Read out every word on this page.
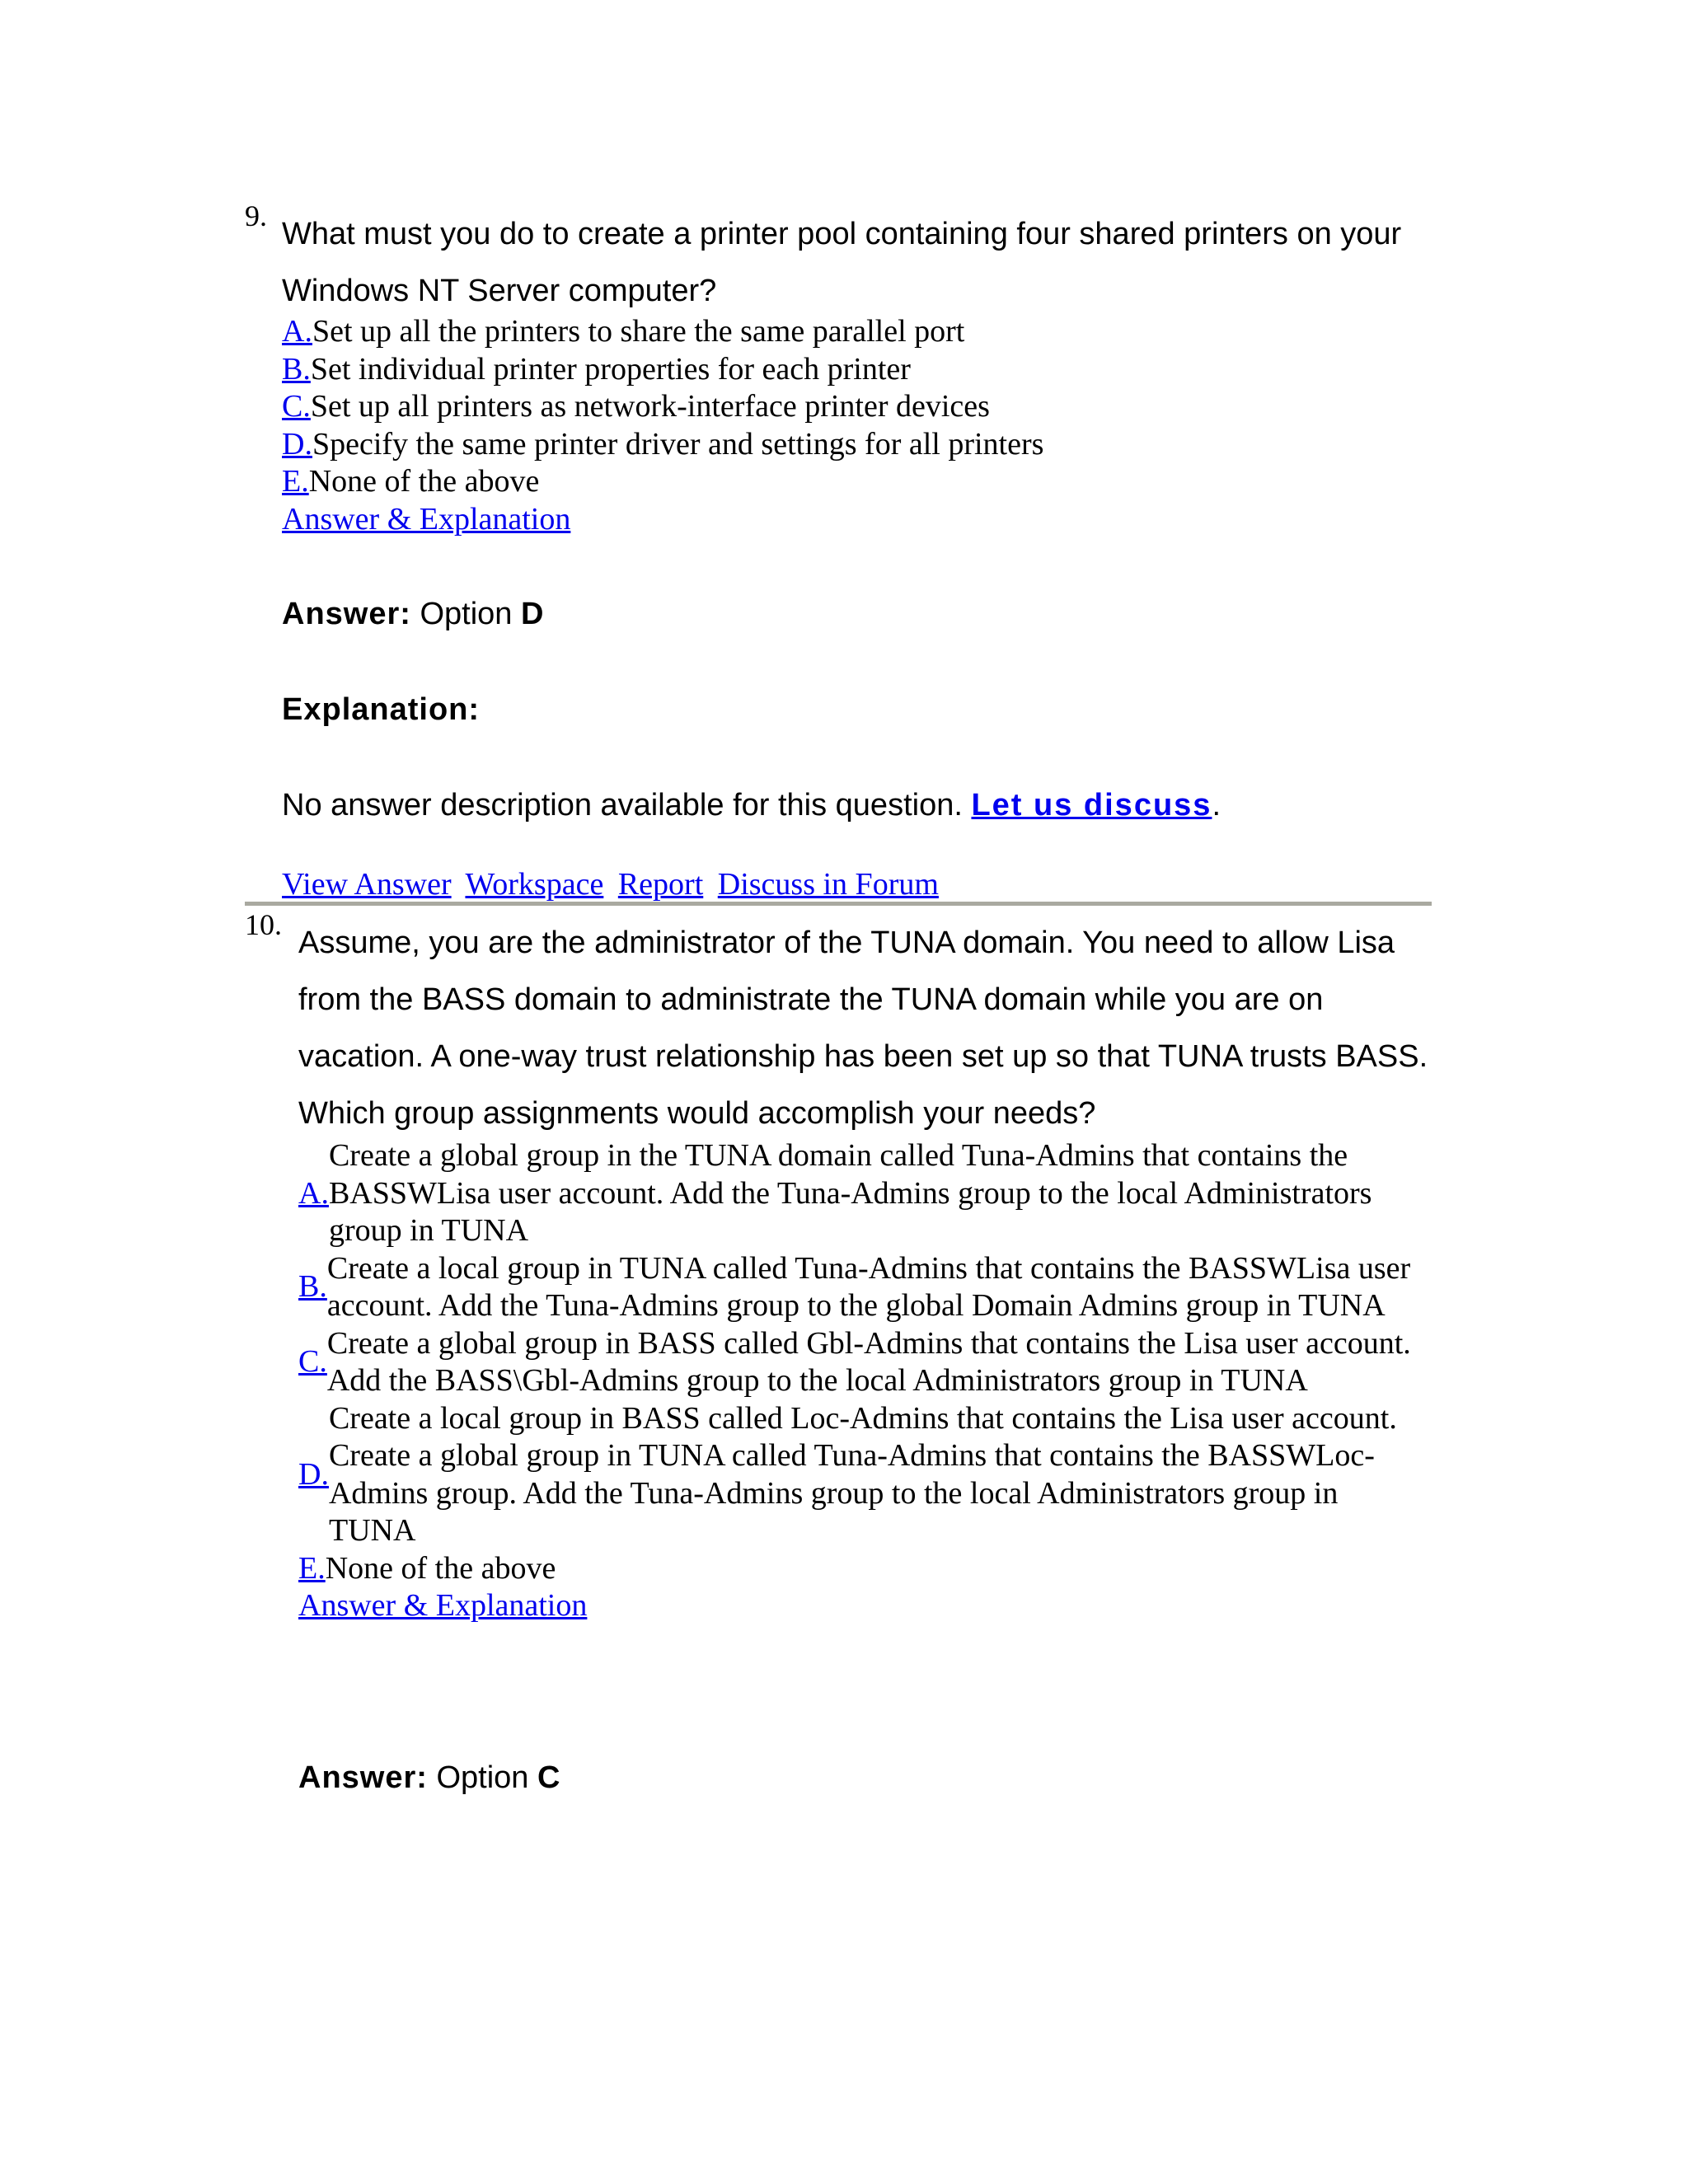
9.
What must you do to create a printer pool containing four shared printers on your Windows NT Server computer?
A. Set up all the printers to share the same parallel port
B. Set individual printer properties for each printer
C. Set up all printers as network-interface printer devices
D. Specify the same printer driver and settings for all printers
E. None of the above
Answer & Explanation
Answer: Option D
Explanation:
No answer description available for this question. Let us discuss.
View Answer Workspace Report Discuss in Forum
10.
Assume, you are the administrator of the TUNA domain. You need to allow Lisa from the BASS domain to administrate the TUNA domain while you are on vacation. A one-way trust relationship has been set up so that TUNA trusts BASS. Which group assignments would accomplish your needs?
A.
Create a global group in the TUNA domain called Tuna-Admins that contains the BASSWLisa user account. Add the Tuna-Admins group to the local Administrators group in TUNA
B.
Create a local group in TUNA called Tuna-Admins that contains the BASSWLisa user account. Add the Tuna-Admins group to the global Domain Admins group in TUNA
C.
Create a global group in BASS called Gbl-Admins that contains the Lisa user account. Add the BASS\Gbl-Admins group to the local Administrators group in TUNA
D.
Create a local group in BASS called Loc-Admins that contains the Lisa user account. Create a global group in TUNA called Tuna-Admins that contains the BASSWLoc-Admins group. Add the Tuna-Admins group to the local Administrators group in TUNA
E. None of the above
Answer & Explanation
Answer: Option C
